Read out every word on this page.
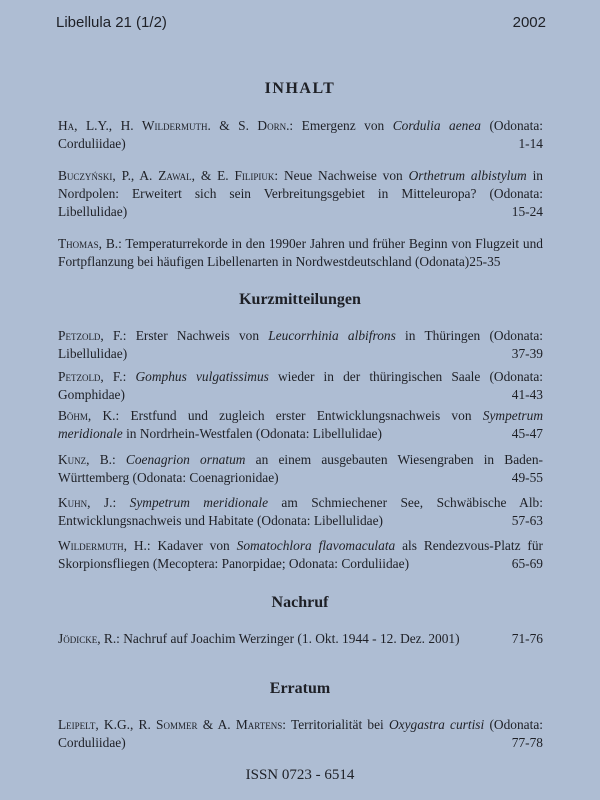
Libellula 21 (1/2)	2002
INHALT
Ha, L.Y., H. Wildermuth. & S. Dorn.: Emergenz von Cordulia aenea (Odonata: Corduliidae)	1-14
Buczyński, P., A. Zawal, & E. Filipiuk: Neue Nachweise von Orthetrum albistylum in Nordpolen: Erweitert sich sein Verbreitungsgebiet in Mitteleuropa? (Odonata: Libellulidae)	15-24
Thomas, B.: Temperaturrekorde in den 1990er Jahren und früher Beginn von Flugzeit und Fortpflanzung bei häufigen Libellenarten in Nordwestdeutschland (Odonata)25-35
Kurzmitteilungen
Petzold, F.: Erster Nachweis von Leucorrhinia albifrons in Thüringen (Odonata: Libellulidae)	37-39
Petzold, F.: Gomphus vulgatissimus wieder in der thüringischen Saale (Odonata: Gomphidae)	41-43
Böhm, K.: Erstfund und zugleich erster Entwicklungsnachweis von Sympetrum meridionale in Nordrhein-Westfalen (Odonata: Libellulidae)	45-47
Kunz, B.: Coenagrion ornatum an einem ausgebauten Wiesengraben in Baden-Württemberg (Odonata: Coenagrionidae)	49-55
Kuhn, J.: Sympetrum meridionale am Schmiechener See, Schwäbische Alb: Entwicklungsnachweis und Habitate (Odonata: Libellulidae)	57-63
Wildermuth, H.: Kadaver von Somatochlora flavomaculata als Rendezvous-Platz für Skorpionsfliegen (Mecoptera: Panorpidae; Odonata: Corduliidae)	65-69
Nachruf
Jödicke, R.: Nachruf auf Joachim Werzinger (1. Okt. 1944 - 12. Dez. 2001)	71-76
Erratum
Leipelt, K.G., R. Sommer & A. Martens: Territorialität bei Oxygastra curtisi (Odonata: Corduliidae)	77-78
ISSN 0723 - 6514
